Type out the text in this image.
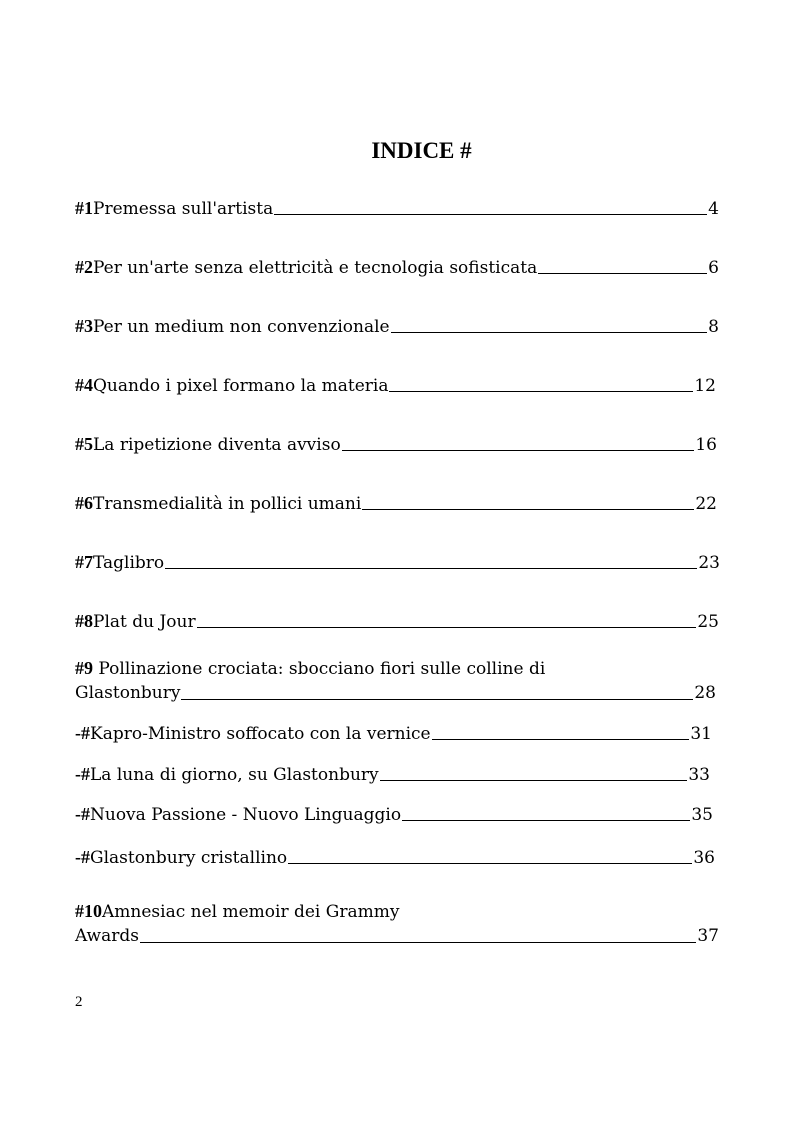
INDICE #
#1 Premessa sull'artista	4
#2 Per un'arte senza elettricità e tecnologia sofisticata	6
#3 Per un medium non convenzionale	8
#4 Quando i pixel formano la materia	12
#5 La ripetizione diventa avviso	16
#6 Transmedialità in pollici umani	22
#7 Taglibro	23
#8 Plat du Jour	25
#9 Pollinazione crociata: sbocciano fiori sulle colline di
Glastonbury	28
-# Kapro-Ministro soffocato con la vernice	31
-# La luna di giorno, su Glastonbury	33
-# Nuova Passione - Nuovo Linguaggio	35
-# Glastonbury cristallino	36
#10Amnesiac nel memoir dei Grammy
Awards	37
2
